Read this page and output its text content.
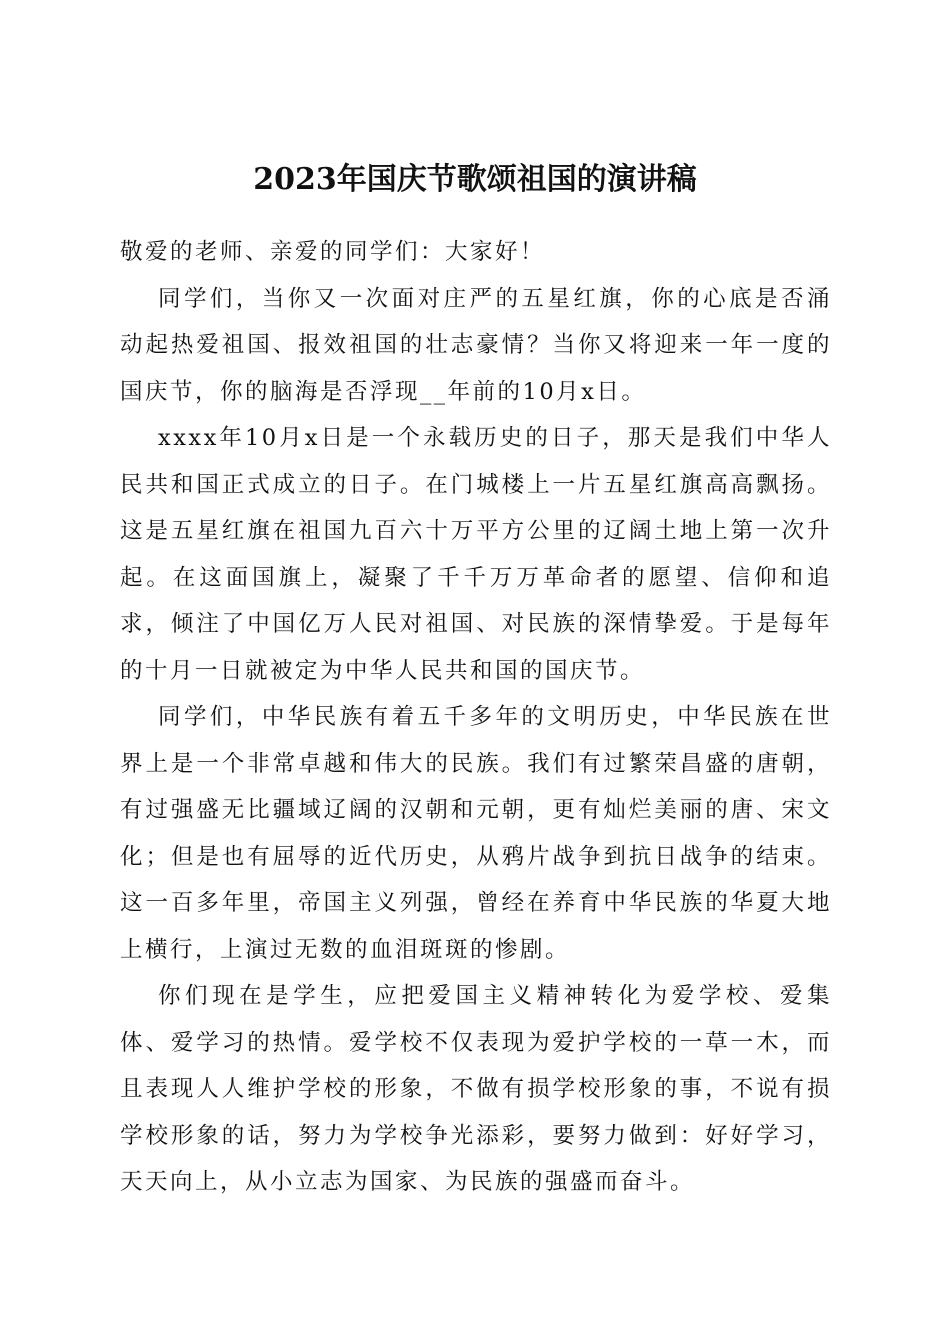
2023年国庆节歌颂祖国的演讲稿

敬爱的老师、亲爱的同学们：大家好！

同学们，当你又一次面对庄严的五星红旗，你的心底是否涌动起热爱祖国、报效祖国的壮志豪情？当你又将迎来一年一度的国庆节，你的脑海是否浮现__年前的10月x日。

xxxx年10月x日是一个永载历史的日子，那天是我们中华人民共和国正式成立的日子。在门城楼上一片五星红旗高高飘扬。这是五星红旗在祖国九百六十万平方公里的辽阔土地上第一次升起。在这面国旗上，凝聚了千千万万革命者的愿望、信仰和追求，倾注了中国亿万人民对祖国、对民族的深情挚爱。于是每年的十月一日就被定为中华人民共和国的国庆节。

同学们，中华民族有着五千多年的文明历史，中华民族在世界上是一个非常卓越和伟大的民族。我们有过繁荣昌盛的唐朝，有过强盛无比疆域辽阔的汉朝和元朝，更有灿烂美丽的唐、宋文化；但是也有屈辱的近代历史，从鸦片战争到抗日战争的结束。这一百多年里，帝国主义列强，曾经在养育中华民族的华夏大地上横行，上演过无数的血泪斑斑的惨剧。

你们现在是学生，应把爱国主义精神转化为爱学校、爱集体、爱学习的热情。爱学校不仅表现为爱护学校的一草一木，而且表现人人维护学校的形象，不做有损学校形象的事，不说有损学校形象的话，努力为学校争光添彩，要努力做到：好好学习，天天向上，从小立志为国家、为民族的强盛而奋斗。
